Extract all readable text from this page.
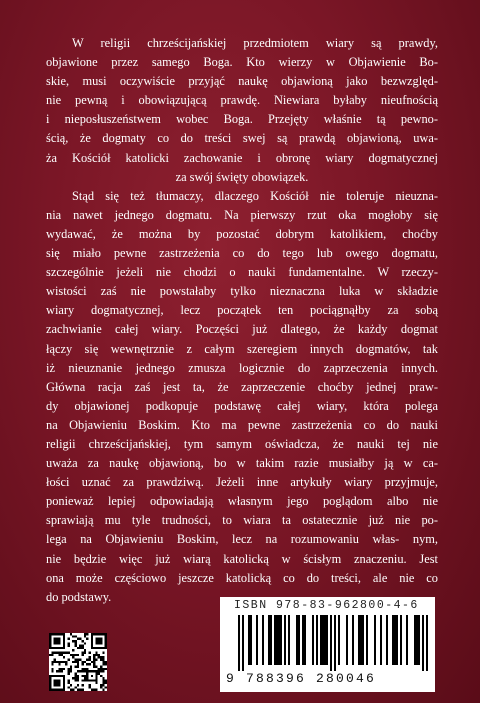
W religii chrześcijańskiej przedmiotem wiary są prawdy,
objawione przez samego Boga. Kto wierzy w Objawienie Bo-
skie, musi oczywiście przyjąć naukę objawioną jako bezwzględ-
nie pewną i obowiązującą prawdę. Niewiara byłaby nieufnością
i nieposłuszeństwem wobec Boga. Przejęty właśnie tą pewno-
ścią, że dogmaty co do treści swej są prawdą objawioną, uwa-
ża Kościół katolicki zachowanie i obronę wiary dogmatycznej
za swój święty obowiązek.

Stąd się też tłumaczy, dlaczego Kościół nie toleruje nieuzna-
nia nawet jednego dogmatu. Na pierwszy rzut oka mogłoby się
wydawać, że można by pozostać dobrym katolikiem, choćby
się miało pewne zastrzeżenia co do tego lub owego dogmatu,
szczególnie jeżeli nie chodzi o nauki fundamentalne. W rzeczy-
wistości zaś nie powstałaby tylko nieznaczna luka w składzie
wiary dogmatycznej, lecz początek ten pociągnąłby za sobą
zachwianie całej wiary. Poczęści już dlatego, że każdy dogmat
łączy się wewnętrznie z całym szeregiem innych dogmatów, tak
iż nieuznanie jednego zmusza logicznie do zaprzeczenia innych.
Główna racja zaś jest ta, że zaprzeczenie choćby jednej praw-
dy objawionej podkopuje podstawę całej wiary, która polega
na Objawieniu Boskim. Kto ma pewne zastrzeżenia co do nauki
religii chrześcijańskiej, tym samym oświadcza, że nauki tej nie
uważa za naukę objawioną, bo w takim razie musiałby ją w ca-
łości uznać za prawdziwą. Jeżeli inne artykuły wiary przyjmuje,
ponieważ lepiej odpowiadają własnym jego poglądom albo nie
sprawiają mu tyle trudności, to wiara ta ostatecznie już nie po-
lega na Objawieniu Boskim, lecz na rozumowaniu włas- nym,
nie będzie więc już wiarą katolicką w ścisłym znaczeniu. Jest
ona może częściowo jeszcze katolicką co do treści, ale nie co
do podstawy.

ISBN 978-83-962800-4-6
9 788396 280046
